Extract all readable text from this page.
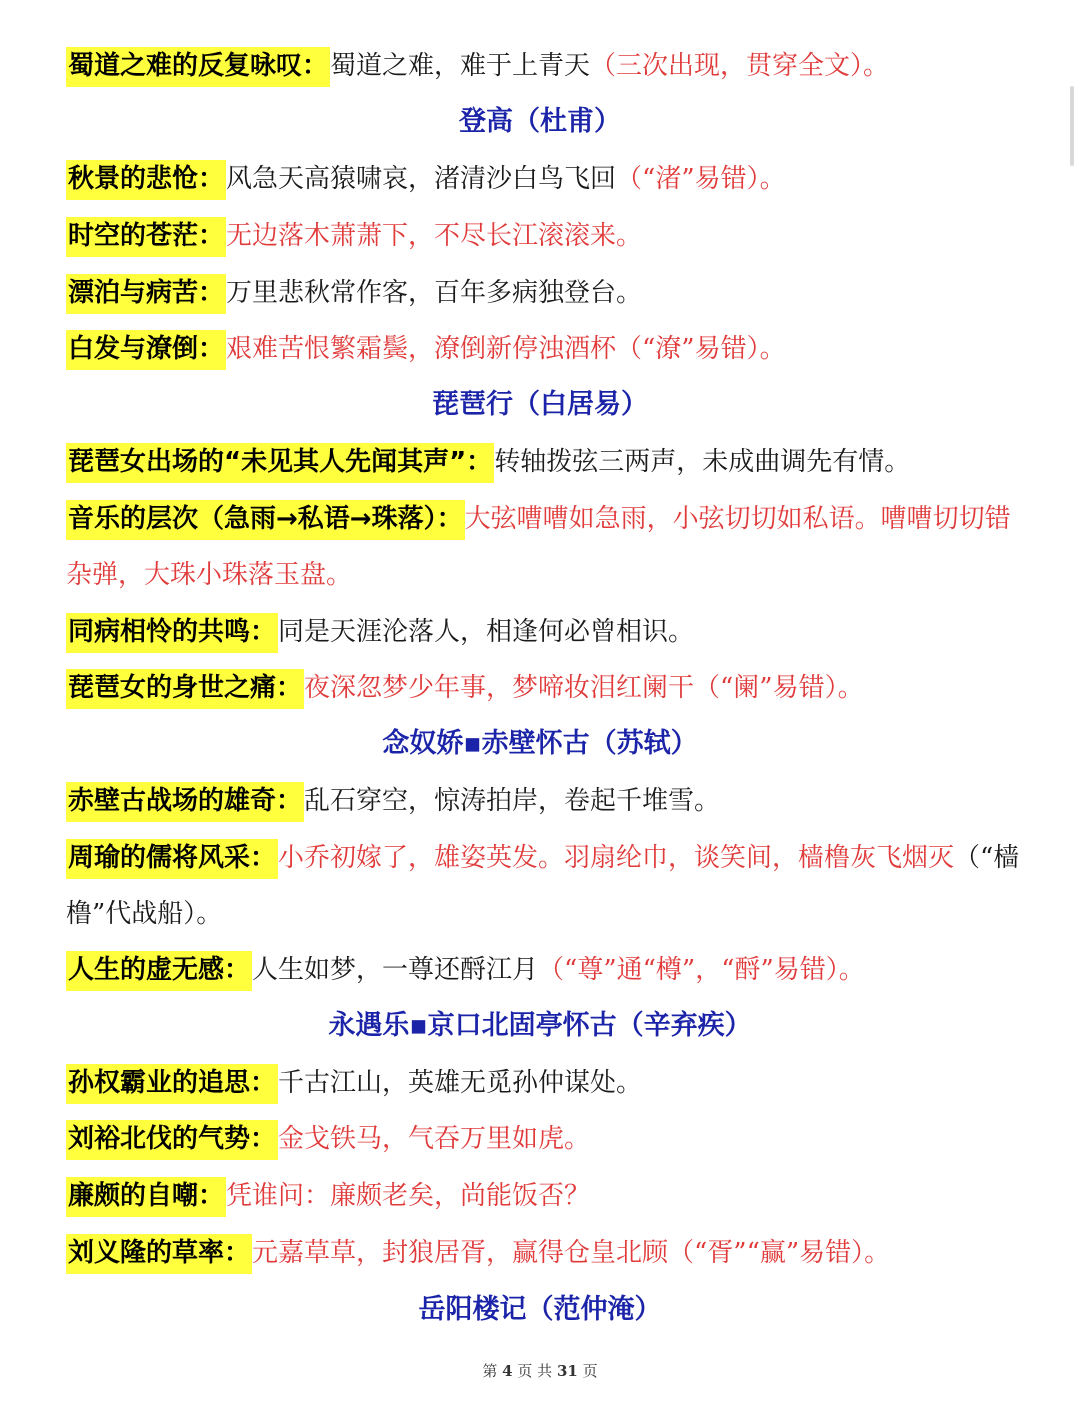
蜀道之难的反复咏叹：蜀道之难，难于上青天（三次出现，贯穿全文）。
登高（杜甫）
秋景的悲怆：风急天高猿啸哀，渚清沙白鸟飞回（“渚”易错）。
时空的苍茫：无边落木萧萧下，不尽长江滚滚来。
漂泊与病苦：万里悲秋常作客，百年多病独登台。
白发与潦倒：艰难苦恨繁霜鬓，潦倒新停浊酒杯（“潦”易错）。
琵琶行（白居易）
琵琶女出场的“未见其人先闻其声”：转轴拨弦三两声，未成曲调先有情。
音乐的层次（急雨→私语→珠落）：大弦嘈嘈如急雨，小弦切切如私语。嘈嘈切切错杂弹，大珠小珠落玉盘。
同病相怜的共鸣：同是天涯沦落人，相逢何必曾相识。
琵琶女的身世之痛：夜深忽梦少年事，梦啼妆泪红阑干（“阑”易错）。
念奴娇▪赤壁怀古（苏轼）
赤壁古战场的雄奇：乱石穿空，惊涛拍岸，卷起千堆雪。
周瑜的儒将风采：小乔初嫁了，雄姿英发。羽扇纶巾，谈笑间，樯橹灰飞烟灭（“樯橹”代战船）。
人生的虚无感：人生如梦，一尊还酹江月（“尊”通“樽”，“酹”易错）。
永遇乐▪京口北固亭怀古（辛弃疾）
孙权霸业的追思：千古江山，英雄无觅孙仲谋处。
刘裕北伐的气势：金戈铁马，气吞万里如虎。
廉颇的自嘲：凭谁问：廉颇老矣，尚能饭否？
刘义隆的草率：元嘉草草，封狼居胥，赢得仓皇北顾（“胥”“赢”易错）。
岳阳楼记（范仲淹）
第 4 页 共 31 页
